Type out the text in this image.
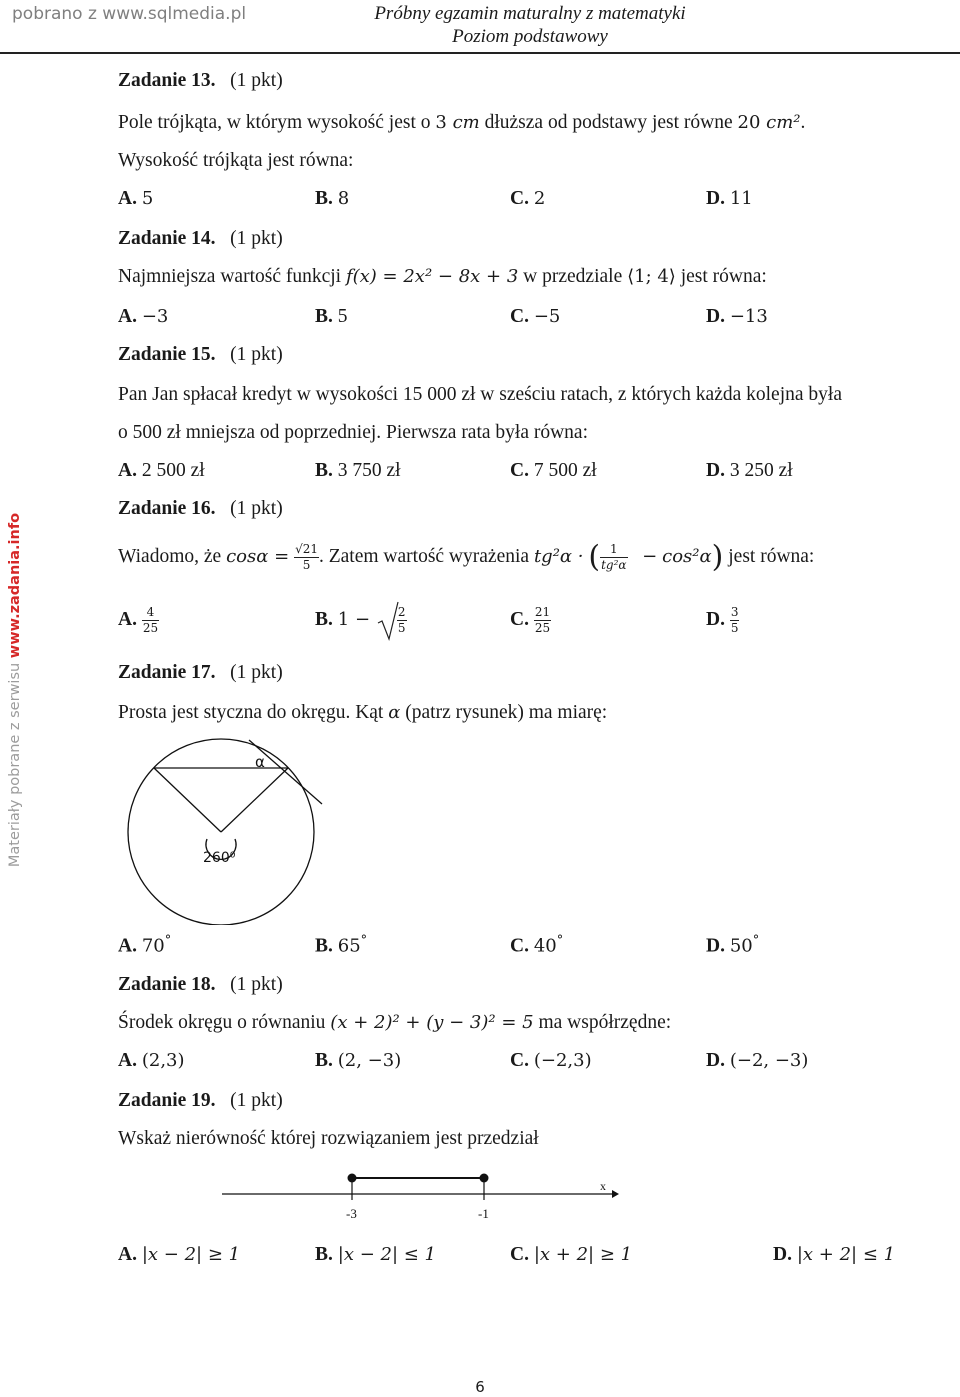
pobrano z www.sqlmedia.pl	Próbny egzamin maturalny z matematyki
Poziom podstawowy
Materiały pobrane z serwisu www.zadania.info
Zadanie 13. (1 pkt)
Pole trójkąta, w którym wysokość jest o 3 cm dłuższa od podstawy jest równe 20 cm².
Wysokość trójkąta jest równa:
A. 5	B. 8	C. 2	D. 11
Zadanie 14. (1 pkt)
Najmniejsza wartość funkcji f(x) = 2x² − 8x + 3 w przedziale ⟨1; 4⟩ jest równa:
A. −3	B. 5	C. −5	D. −13
Zadanie 15. (1 pkt)
Pan Jan spłacał kredyt w wysokości 15 000 zł w sześciu ratach, z których każda kolejna była
o 500 zł mniejsza od poprzedniej. Pierwsza rata była równa:
A. 2 500 zł	B. 3 750 zł	C. 7 500 zł	D. 3 250 zł
Zadanie 16. (1 pkt)
Wiadomo, że $\cos\alpha = \frac{√21}{5}$ . Zatem wartość wyrażenia tg²α · ( $\frac{1}{\text{tg²α}} - \cos^2\alpha$) jest równa:
A. $\frac{4}{25}$	B. $1 - \frac{2}{5}$	C. $\frac{21}{25}$	D. $\frac{3}{5}$
Zadanie 17. (1 pkt)
Prosta jest styczna do okręgu. Kąt α (patrz rysunek) ma miarę:
α
260⁰
A. 70°	B. 65°	C. 40°	D. 50°
Zadanie 18. (1 pkt)
Środek okręgu o równaniu (x + 2)² + (y − 3)² = 5 ma współrzędne:
A. (2,3)	B. (2, −3)	C. (−2,3)	D. (−2, −3)
Zadanie 19. (1 pkt)
Wskaż nierówność której rozwiązaniem jest przedział
x
-3	-1
A. |x − 2| ≥ 1	B. |x − 2| ≤ 1	C. |x + 2| ≥ 1	D. |x + 2| ≤ 1
6
